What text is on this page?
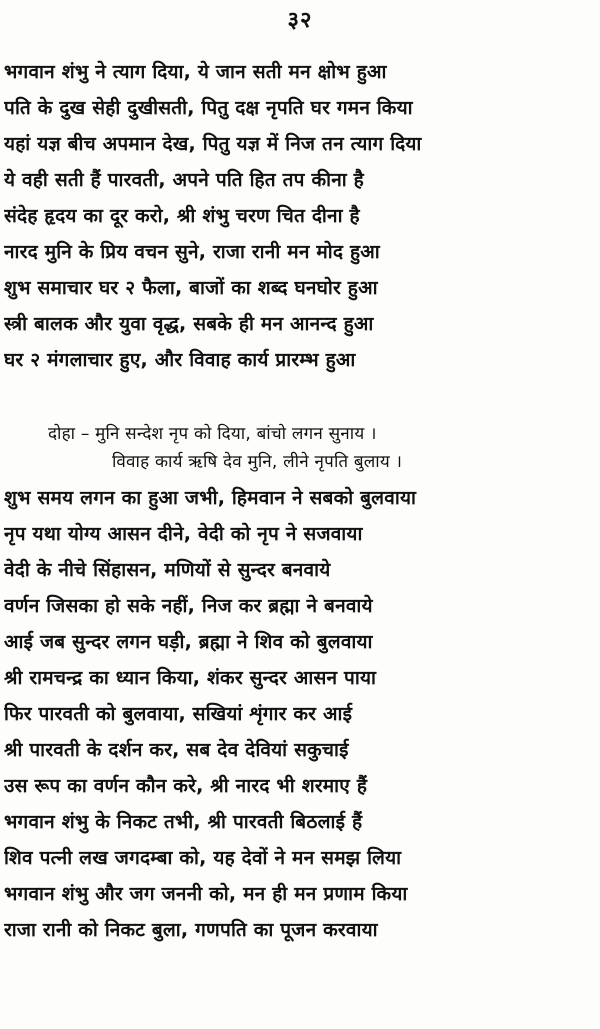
३२
भगवान शंभु ने त्याग दिया, ये जान सती मन क्षोभ हुआ
पति के दुख सेही दुखीसती, पितु दक्ष नृपति घर गमन किया
यहां यज्ञ बीच अपमान देख, पितु यज्ञ में निज तन त्याग दिया
ये वही सती हैं पारवती, अपने पति हित तप कीना है
संदेह हृदय का दूर करो, श्री शंभु चरण चित दीना है
नारद मुनि के प्रिय वचन सुने, राजा रानी मन मोद हुआ
शुभ समाचार घर २ फैला, बाजों का शब्द घनघोर हुआ
स्त्री बालक और युवा वृद्ध, सबके ही मन आनन्द हुआ
घर २ मंगलाचार हुए, और विवाह कार्य प्रारम्भ हुआ
दोहा – मुनि सन्देश नृप को दिया, बांचो लगन सुनाय ।
विवाह कार्य ऋषि देव मुनि, लीने नृपति बुलाय ।
शुभ समय लगन का हुआ जभी, हिमवान ने सबको बुलवाया
नृप यथा योग्य आसन दीने, वेदी को नृप ने सजवाया
वेदी के नीचे सिंहासन, मणियों से सुन्दर बनवाये
वर्णन जिसका हो सके नहीं, निज कर ब्रह्मा ने बनवाये
आई जब सुन्दर लगन घड़ी, ब्रह्मा ने शिव को बुलवाया
श्री रामचन्द्र का ध्यान किया, शंकर सुन्दर आसन पाया
फिर पारवती को बुलवाया, सखियां शृंगार कर आई
श्री पारवती के दर्शन कर, सब देव देवियां सकुचाई
उस रूप का वर्णन कौन करे, श्री नारद भी शरमाए हैं
भगवान शंभु के निकट तभी, श्री पारवती बिठलाई हैं
शिव पत्नी लख जगदम्बा को, यह देवों ने मन समझ लिया
भगवान शंभु और जग जननी को, मन ही मन प्रणाम किया
राजा रानी को निकट बुला, गणपति का पूजन करवाया
